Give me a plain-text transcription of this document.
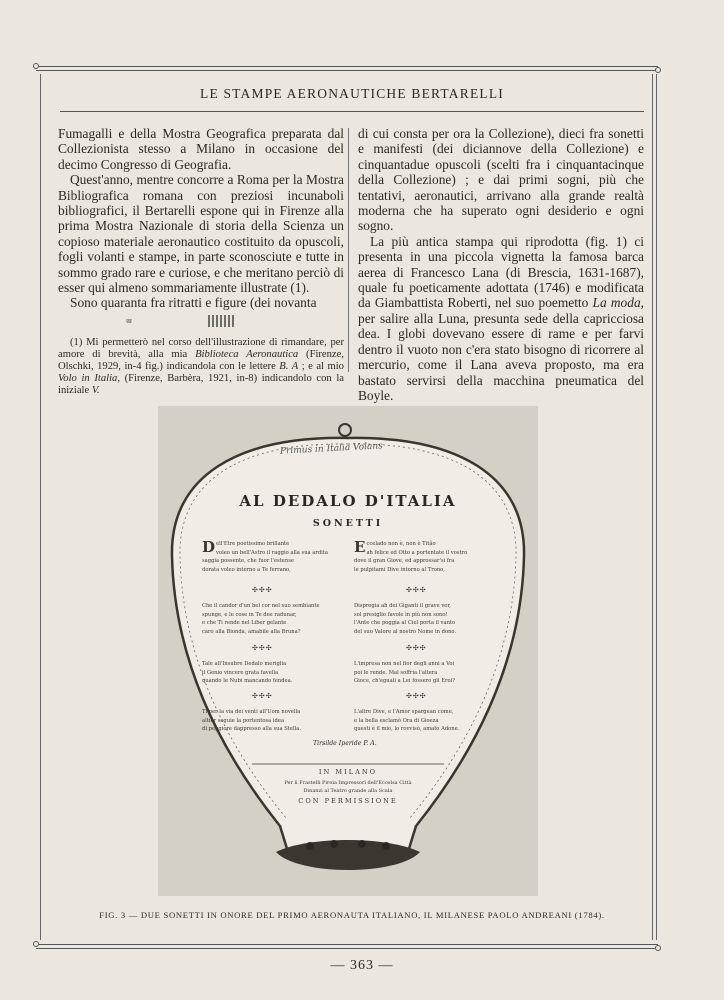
LE STAMPE AERONAUTICHE BERTARELLI

Fumagalli e della Mostra Geografica preparata dal Collezionista stesso a Milano in occasione del decimo Congresso di Geografia.

Quest'anno, mentre concorre a Roma per la Mostra Bibliografica romana con preziosi incunaboli bibliografici, il Bertarelli espone qui in Firenze alla prima Mostra Nazionale di storia della Scienza un copioso materiale aeronautico costituito da opuscoli, fogli volanti e stampe, in parte sconosciute e tutte in sommo grado rare e curiose, e che meritano perciò di esser qui almeno sommariamente illustrate (1).

Sono quaranta fra ritratti e figure (dei novanta

ᵚ

(1) Mi permetterò nel corso dell'illustrazione di rimandare, per amore di brevità, alla mia Biblioteca Aeronautica (Firenze, Olschki, 1929, in-4 fig.) indicandola con le lettere B. A ; e al mio Volo in Italia, (Firenze, Barbèra, 1921, in-8) indicandolo con la iniziale V.

di cui consta per ora la Collezione), dieci fra sonetti e manifesti (dei diciannove della Collezione) e cinquantadue opuscoli (scelti fra i cinquantacinque della Collezione) ; e dai primi sogni, più che tentativi, aeronautici, arrivano alla grande realtà moderna che ha superato ogni desiderio e ogni sogno.

La più antica stampa qui riprodotta (fig. 1) ci presenta in una piccola vignetta la famosa barca aerea di Francesco Lana (di Brescia, 1631-1687), quale fu poeticamente adottata (1746) e modificata da Giambattista Roberti, nel suo poemetto La moda, per salire alla Luna, presunta sede della capricciosa dea. I globi dovevano essere di rame e per farvi dentro il vuoto non c'era stato bisogno di ricorrere al mercurio, come il Lana aveva proposto, ma era bastato servirsi della macchina pneumatica del Boyle.

Primus in Italia Volans
AL DEDALO D'ITALIA
SONETTI
D ell'Etre poetissimo brillante
voleo un bell'Astro il raggio alla sua ardita
saggia possente, che fuor l'estense
dorata voleo interno a Te ferrano,
✣✣✣
Che il candor d'un bel cor nel suo sembiante
spunge, e le cose in Te dee radunar,
e che Ti rende nel Liber gelante
caro alla Bionda, amabile alla Bruna?
✣✣✣
Tale all'Insubre Dedalo meriglia
il Genio vincere grata favella
quando le Nubi mancando fendea.
✣✣✣
Ti per la via dei venti all'Uom novella
altier seguie la portentosa idea
di peggiore dappresso alla sua Stella.
E ccelado non è, non è Titão
ah felice ed Otto a portentate il vostro
dove il gran Giove, ed approssar'si fra
le pulpitami Dive intorno al Trono,
✣✣✣
Dispregia ah dei Giganti il grave ver,
sol presiglio favole in più non sono!
l'Ante che poggia al Ciel porta il vanto
del suo Valore al nostro Nome in dono.
✣✣✣
L'impresa non nel fior degli anni a Voi
poi le rende. Mal soffria l'altera
Gioce, ch'eguali a Lei fossero gli Eroi?
✣✣✣
L'altre Dive, e l'Amor spargean come,
e la bella esclamò Ora di Gioeza
questi è il mio, lo rovvisò, amato Adone.
Tirsilde Iperide P. A.
IN MILANO
Per li Frastelli Piroia Impressori dell'Eccelsa Città
Dinanzi al Teatro grande alla Scala
CON PERMISSIONE
FIG. 3 — DUE SONETTI IN ONORE DEL PRIMO AERONAUTA ITALIANO, IL MILANESE PAOLO ANDREANI (1784).
— 363 —
